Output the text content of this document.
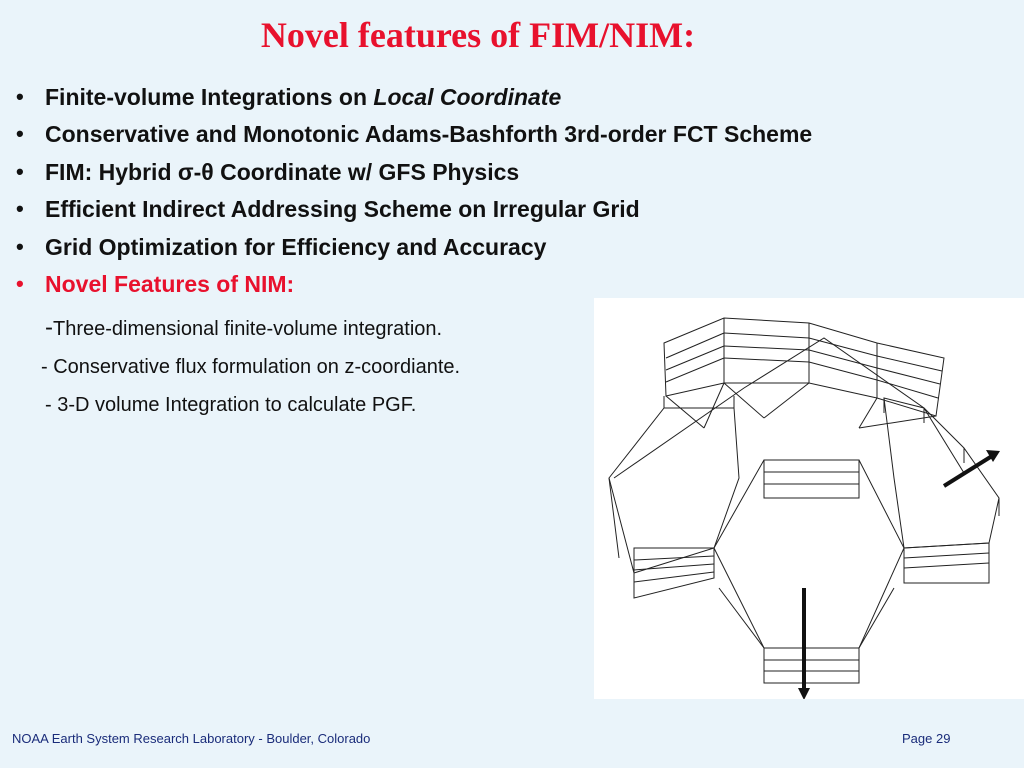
Novel features of FIM/NIM:
• Finite-volume Integrations on Local Coordinate
• Conservative and Monotonic Adams-Bashforth 3rd-order FCT Scheme
• FIM: Hybrid σ-θ Coordinate w/ GFS Physics
• Efficient Indirect Addressing Scheme on Irregular Grid
• Grid Optimization for Efficiency and Accuracy
• Novel Features of NIM:
-Three-dimensional finite-volume integration.
- Conservative flux formulation on z-coordiante.
- 3-D volume Integration to calculate PGF.
NOAA Earth System Research Laboratory - Boulder, Colorado	Page 29
